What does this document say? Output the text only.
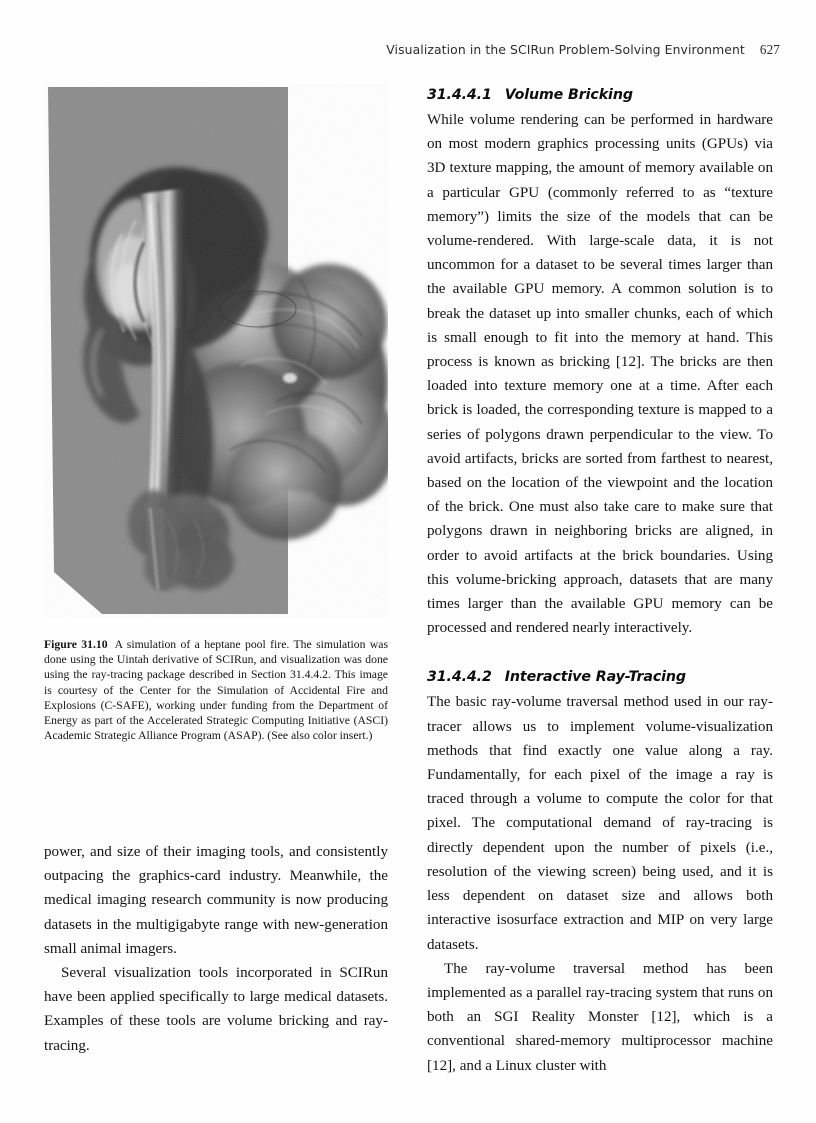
Visualization in the SCIRun Problem-Solving Environment 627
Figure 31.10 A simulation of a heptane pool fire. The simulation was done using the Uintah derivative of SCIRun, and visualization was done using the ray-tracing package described in Section 31.4.4.2. This image is courtesy of the Center for the Simulation of Accidental Fire and Explosions (C-SAFE), working under funding from the Department of Energy as part of the Accelerated Strategic Computing Initiative (ASCI) Academic Strategic Alliance Program (ASAP). (See also color insert.)

power, and size of their imaging tools, and consistently outpacing the graphics-card industry. Meanwhile, the medical imaging research community is now producing datasets in the multigigabyte range with new-generation small animal imagers.

Several visualization tools incorporated in SCIRun have been applied specifically to large medical datasets. Examples of these tools are volume bricking and ray-tracing.

31.4.4.1 Volume Bricking

While volume rendering can be performed in hardware on most modern graphics processing units (GPUs) via 3D texture mapping, the amount of memory available on a particular GPU (commonly referred to as “texture memory”) limits the size of the models that can be volume-rendered. With large-scale data, it is not uncommon for a dataset to be several times larger than the available GPU memory. A common solution is to break the dataset up into smaller chunks, each of which is small enough to fit into the memory at hand. This process is known as bricking [12]. The bricks are then loaded into texture memory one at a time. After each brick is loaded, the corresponding texture is mapped to a series of polygons drawn perpendicular to the view. To avoid artifacts, bricks are sorted from farthest to nearest, based on the location of the viewpoint and the location of the brick. One must also take care to make sure that polygons drawn in neighboring bricks are aligned, in order to avoid artifacts at the brick boundaries. Using this volume-bricking approach, datasets that are many times larger than the available GPU memory can be processed and rendered nearly interactively.

31.4.4.2 Interactive Ray-Tracing

The basic ray-volume traversal method used in our ray-tracer allows us to implement volume-visualization methods that find exactly one value along a ray. Fundamentally, for each pixel of the image a ray is traced through a volume to compute the color for that pixel. The computational demand of ray-tracing is directly dependent upon the number of pixels (i.e., resolution of the viewing screen) being used, and it is less dependent on dataset size and allows both interactive isosurface extraction and MIP on very large datasets.

The ray-volume traversal method has been implemented as a parallel ray-tracing system that runs on both an SGI Reality Monster [12], which is a conventional shared-memory multiprocessor machine [12], and a Linux cluster with
